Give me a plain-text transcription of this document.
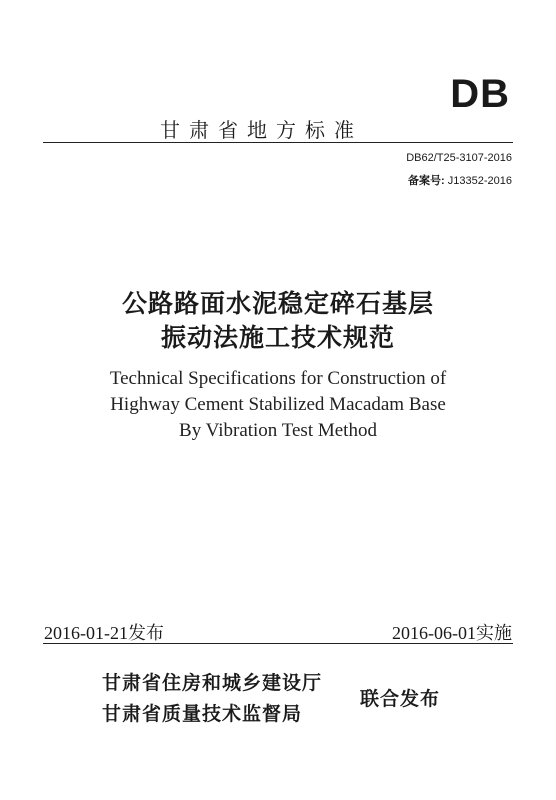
DB
甘肃省地方标准
DB62/T25-3107-2016
备案号: J13352-2016
公路路面水泥稳定碎石基层
振动法施工技术规范
Technical Specifications for Construction of
Highway Cement Stabilized Macadam Base
By Vibration Test Method
2016-01-21发布	2016-06-01实施
甘肃省住房和城乡建设厅
甘肃省质量技术监督局
联合发布
